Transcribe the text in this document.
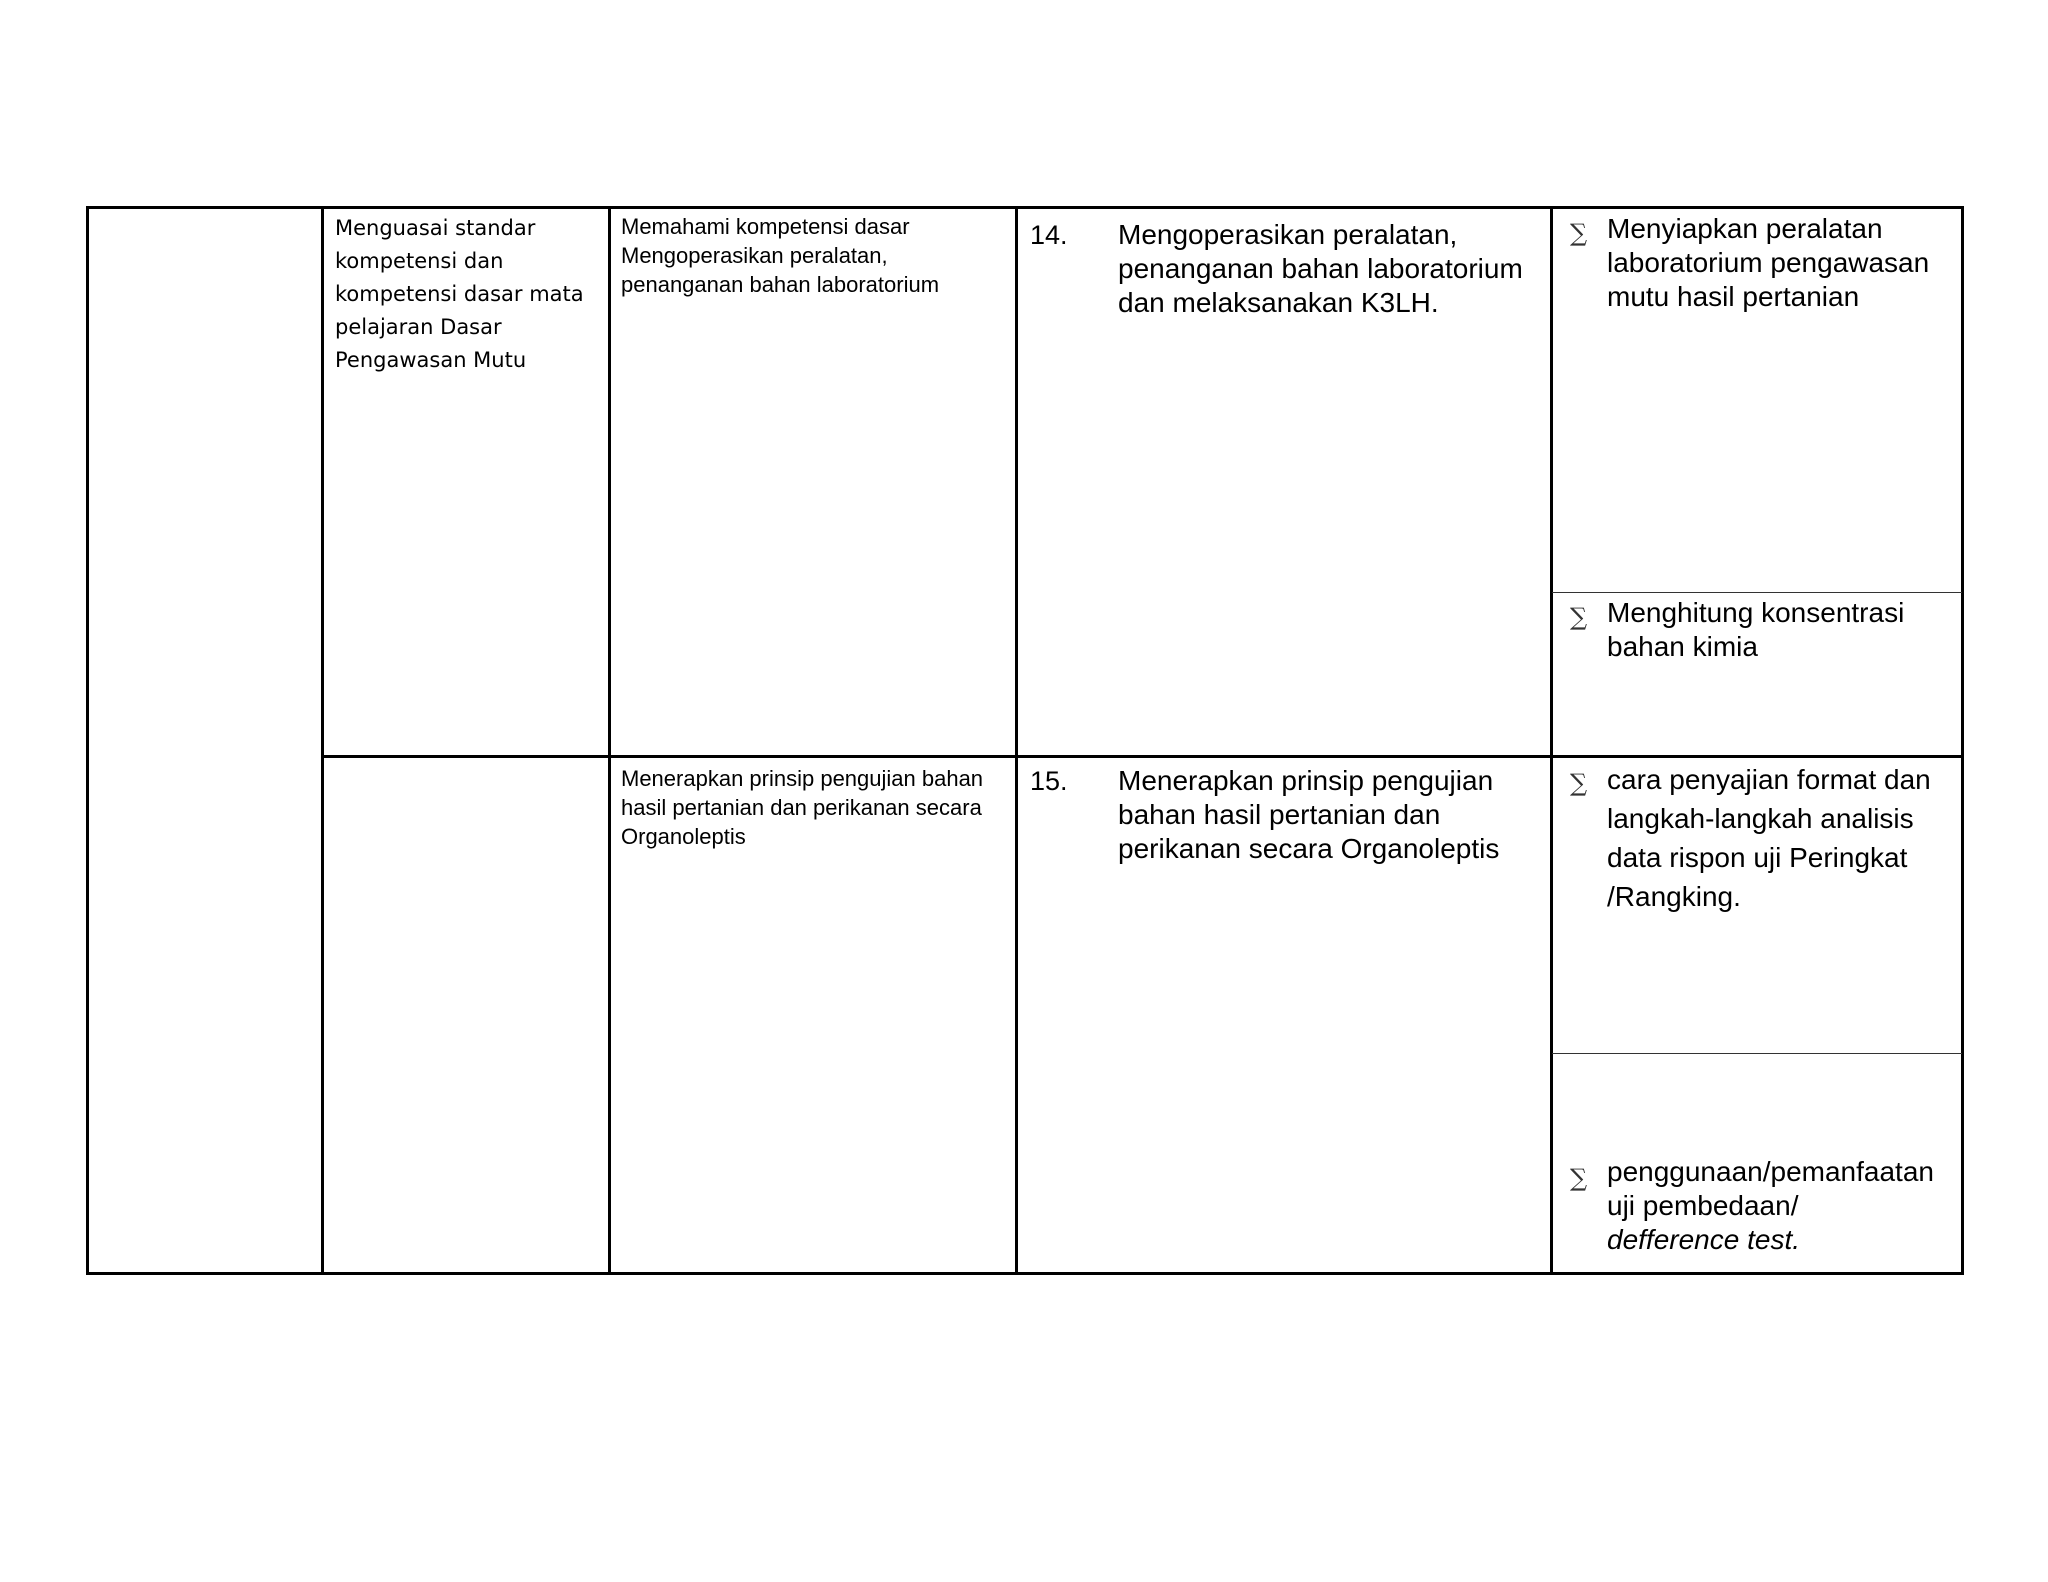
Menguasai standar kompetensi dan kompetensi dasar mata pelajaran Dasar Pengawasan Mutu
Memahami kompetensi dasar Mengoperasikan peralatan, penanganan bahan laboratorium
14. Mengoperasikan peralatan, penanganan bahan laboratorium dan melaksanakan K3LH.
∑ Menyiapkan peralatan laboratorium pengawasan mutu hasil pertanian
∑ Menghitung konsentrasi bahan kimia
Menerapkan prinsip pengujian bahan hasil pertanian dan perikanan secara Organoleptis
15. Menerapkan prinsip pengujian bahan hasil pertanian dan perikanan secara Organoleptis
∑ cara penyajian format dan langkah-langkah analisis data rispon uji Peringkat /Rangking.
∑ penggunaan/pemanfaatan uji pembedaan/
defference test.
